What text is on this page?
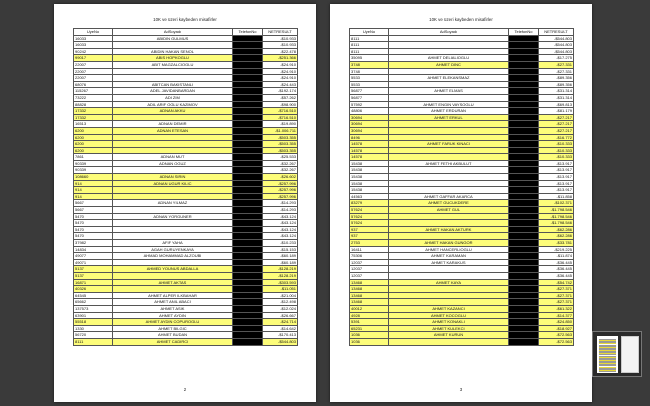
10K ve üzeri kaybeden misafirler
UyeNo	AdSoyadı	TelefonNo	NETRESULT
16033	ABIDIN GULMUS		-$10.933
16033			-$10.933
90242	ABIDIN HAKAN SENOL		-$22.478
99017	ABIS HOPKOGLU		-$251.366
22007	ABIT MAGZALCIOGLU		-$24.910
22007			-$24.910
22007			-$24.910
68076	ABITCAN BAKISTANLI		-$24.443
115267	ADEL JAVIDANBARDAN		-$192.174
73222	ADI ZIM		-$57.262
88828	ADIL ARIF OGLU KAZIMOV		-$98.900
17332	ADNAN AKKU		-$716.510
17332			-$716.510
16513	ADNAN DEMIR		-$19.890
6200	ADNAN ETESAN		-$1.006.711
6200			-$503.355
6200			-$503.355
6200			-$503.355
7861	ADNAN MUT		-$25.533
90339	ADNAN OGUZ		-$32.267
90339			-$32.267
108660	ADNAN SIRIN		-$26.602
914	ADNAN UGUR KILIC		-$257.996
914			-$257.996
914			-$257.996
5667	ADNAN YILMAZ		-$14.293
5667			-$14.293
5470	ADNAN YORGUNER		-$43.124
5470			-$43.124
5470			-$43.124
5470			-$43.124
37982	AFIF YAHA		-$10.233
14834	AGAH GURUYENKAYA		-$15.153
49077	AHMAD MOHAMMAD ALZOUBI		-$60.189
49071			-$60.189
5137	AHMED YOUNUS ABDALLA		-$128.219
5137			-$128.219
16871	AHMET AKTAS		-$303.593
40326			-$11.051
64545	AHMET ALPER ILKBAHAR		-$21.004
65662	AHMET ANIL ABACI		-$12.498
137573	AHMET ASIK		-$12.024
63901	AHMET AYDIN		-$26.667
55518	AHMET AYDIN COPUROGLU		-$24.714
1330	AHMET BILGIC		-$14.642
56720	AHMET BUDAN		-$170.413
8111	AHMET CADIRCI		-$544.803
2
10K ve üzeri kaybeden misafirler
UyeNo	AdSoyadı	TelefonNo	NETRESULT
8111			-$544.803
8111			-$544.803
8111			-$544.803
35095	AHMET DELIALIOGLU		-$17.275
3748	AHMET DINC		-$27.331
3748			-$27.331
5533	AHMET ELEKANSMAZ		-$89.356
5533			-$89.356
56877	AHMET ELMAS		-$31.314
56877			-$31.314
57592	AHMET ENGIN VAYSOGLU		-$69.813
48806	AHMET ERDURAN		-$81.179
30694	AHMET ERKUL		-$27.217
30694			-$27.217
30694			-$27.217
8496			-$16.772
14578	AHMET FARUK KINACI		-$10.333
14578			-$10.333
14578			-$10.333
15438	AHMET FETHI AKBULUT		-$13.917
15438			-$13.917
15438			-$13.917
15438			-$13.917
15438			-$13.917
44563	AHMET GAFFAR AKARCA		-$11.858
83279	AHMET GUCUKDERE		-$102.371
57624	AHMET GUL		-$1.798.546
57624			-$1.798.546
57624			-$1.798.546
937	AHMET HAKAN AKTURK		-$62.286
937			-$62.286
2753	AHMET HAKAN GUNGOR		-$33.781
16411	AHMET HANCERLIOGLU		-$219.225
75306	AHMET KARAMAN		-$11.874
12037	AHMET KARAKUS		-$36.445
12037			-$36.445
12037			-$36.445
13468	AHMET KAYA		-$54.742
13468			-$27.371
13468			-$27.371
13468			-$27.371
40012	AHMET KAZANCI		-$61.322
4928	AHMET KOCOGLU		-$14.377
5391	AHMET KONAKLI		-$24.850
65231	AHMET KULEKCI		-$18.927
1036	AHMET KURUN		-$72.563
1036			-$72.563
3
